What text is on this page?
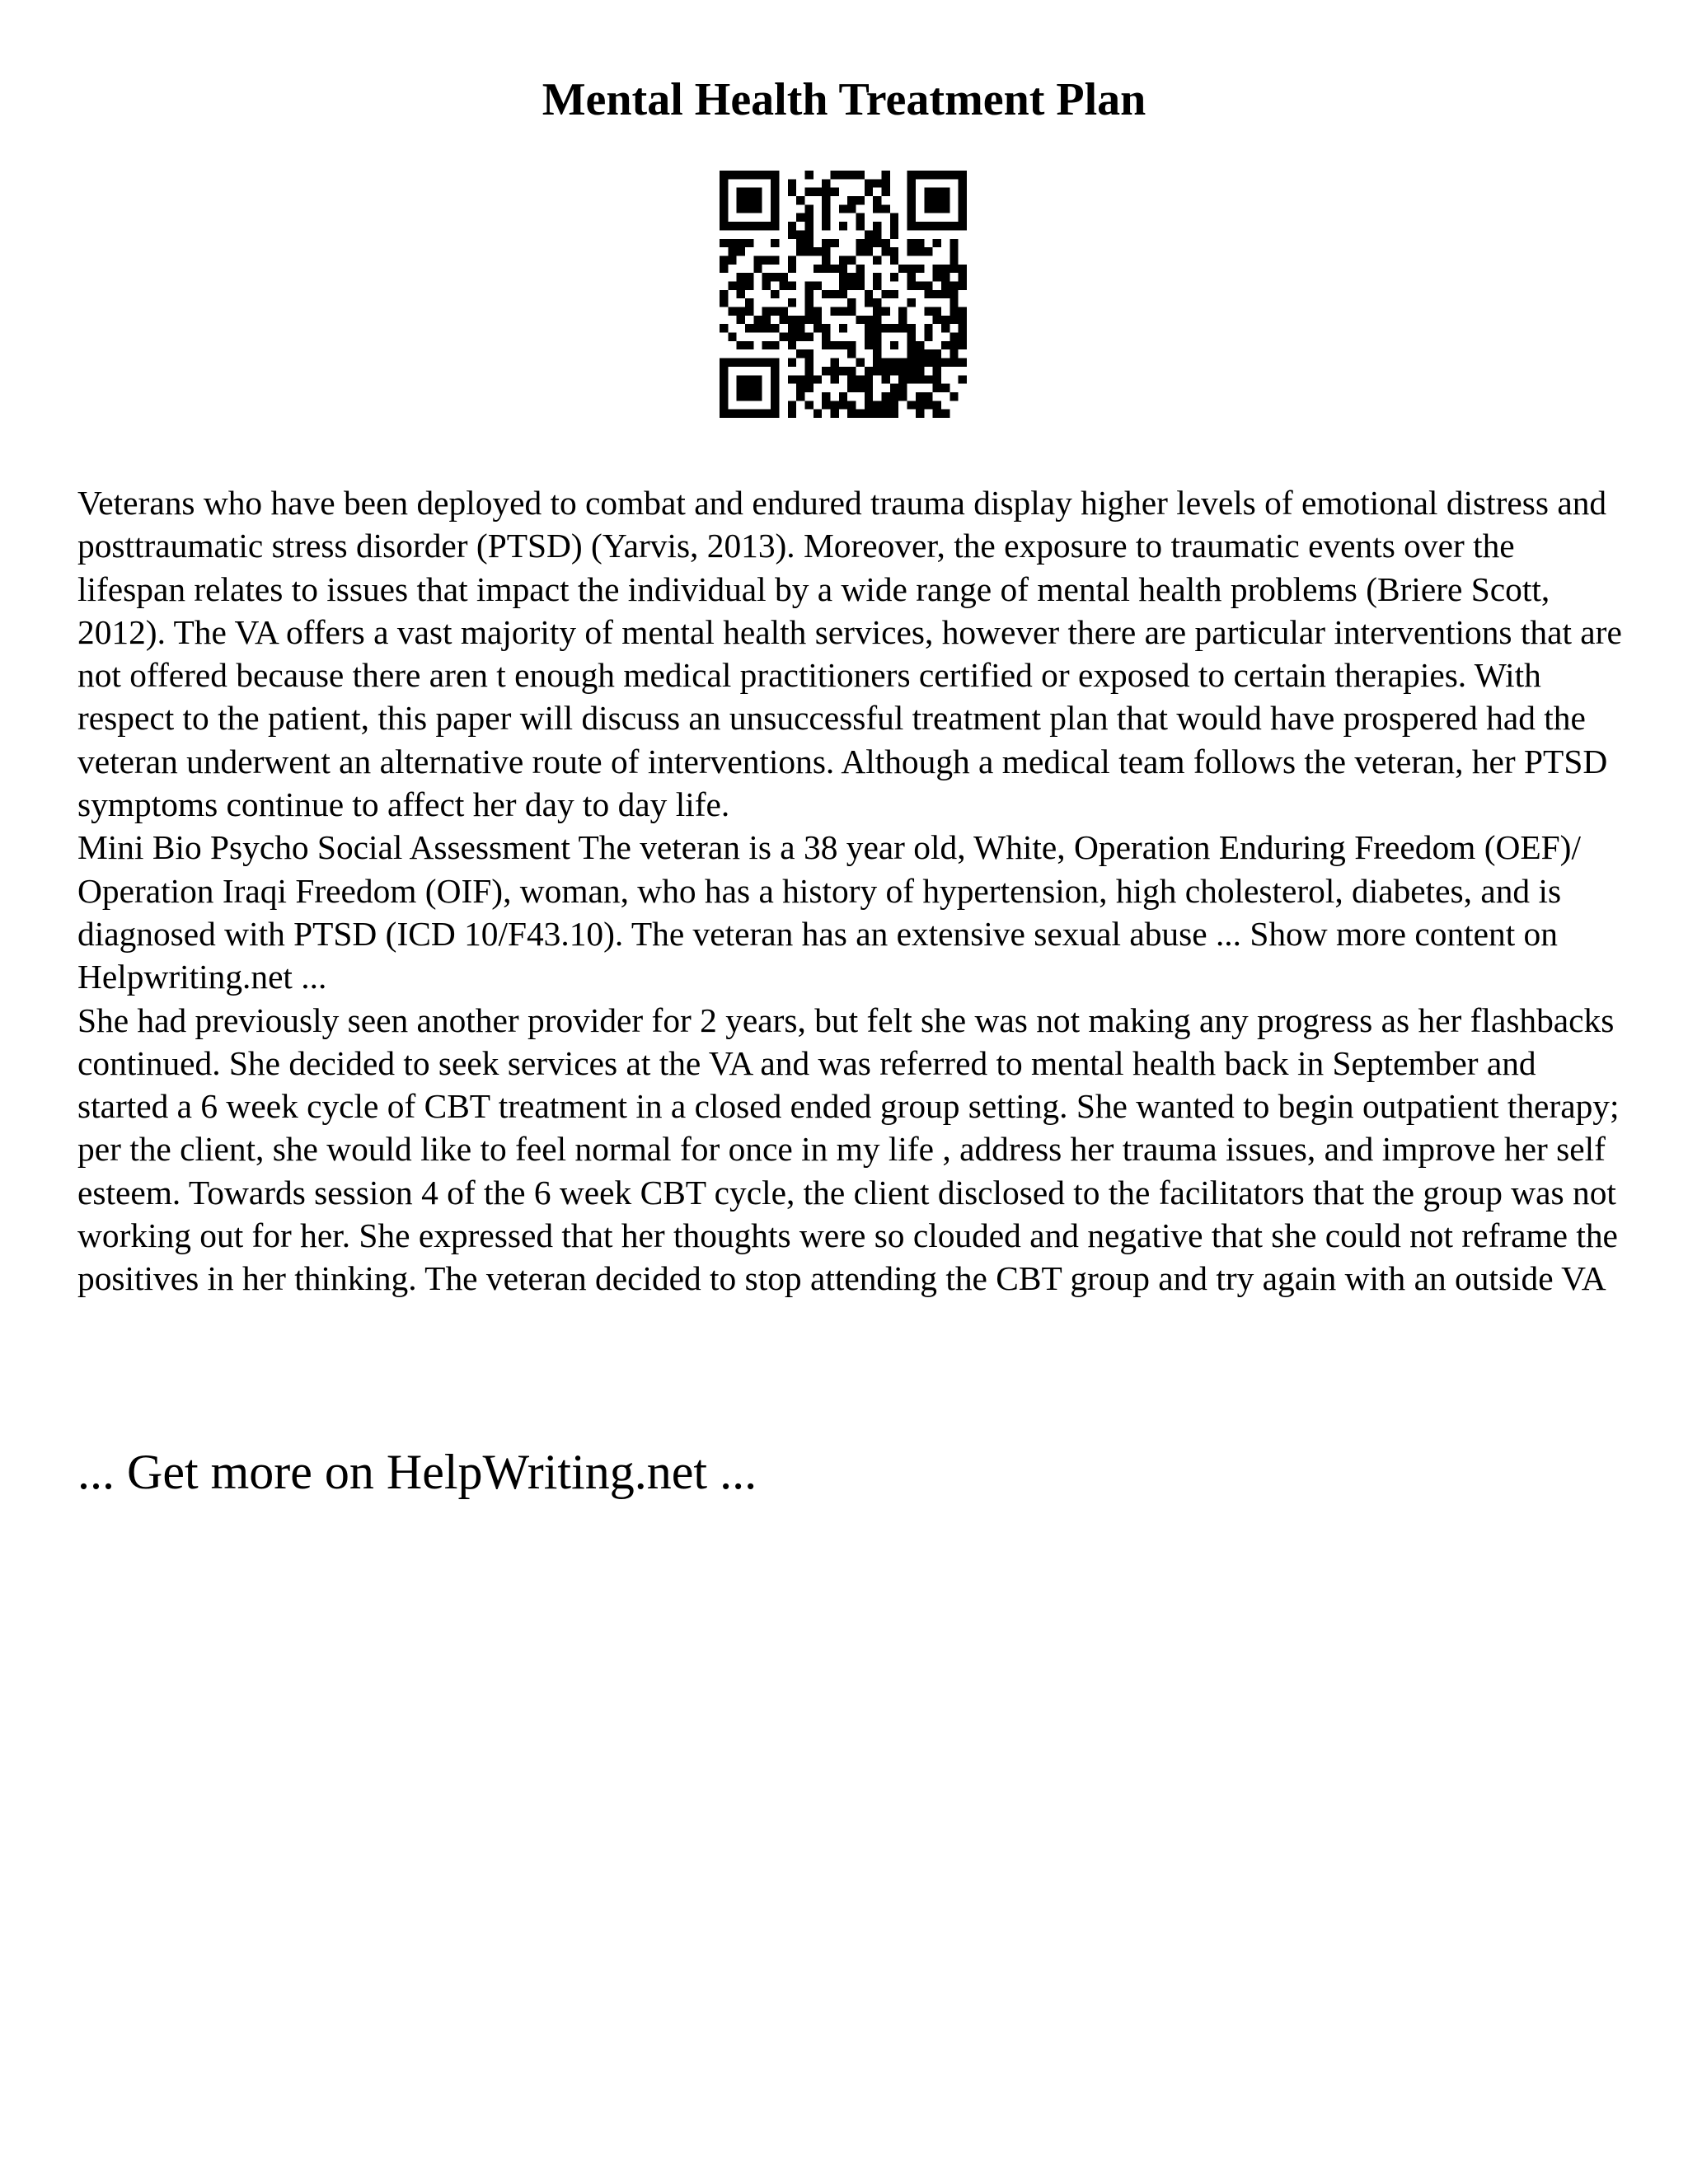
Mental Health Treatment Plan

Veterans who have been deployed to combat and endured trauma display higher levels of emotional distress and posttraumatic stress disorder (PTSD) (Yarvis, 2013). Moreover, the exposure to traumatic events over the lifespan relates to issues that impact the individual by a wide range of mental health problems (Briere Scott, 2012). The VA offers a vast majority of mental health services, however there are particular interventions that are not offered because there aren t enough medical practitioners certified or exposed to certain therapies. With respect to the patient, this paper will discuss an unsuccessful treatment plan that would have prospered had the veteran underwent an alternative route of interventions. Although a medical team follows the veteran, her PTSD symptoms continue to affect her day to day life.

Mini Bio Psycho Social Assessment The veteran is a 38 year old, White, Operation Enduring Freedom (OEF)/ Operation Iraqi Freedom (OIF), woman, who has a history of hypertension, high cholesterol, diabetes, and is diagnosed with PTSD (ICD 10/F43.10). The veteran has an extensive sexual abuse ... Show more content on Helpwriting.net ...

She had previously seen another provider for 2 years, but felt she was not making any progress as her flashbacks continued. She decided to seek services at the VA and was referred to mental health back in September and started a 6 week cycle of CBT treatment in a closed ended group setting. She wanted to begin outpatient therapy; per the client, she would like to feel normal for once in my life , address her trauma issues, and improve her self esteem. Towards session 4 of the 6 week CBT cycle, the client disclosed to the facilitators that the group was not working out for her. She expressed that her thoughts were so clouded and negative that she could not reframe the positives in her thinking. The veteran decided to stop attending the CBT group and try again with an outside VA

... Get more on HelpWriting.net ...
